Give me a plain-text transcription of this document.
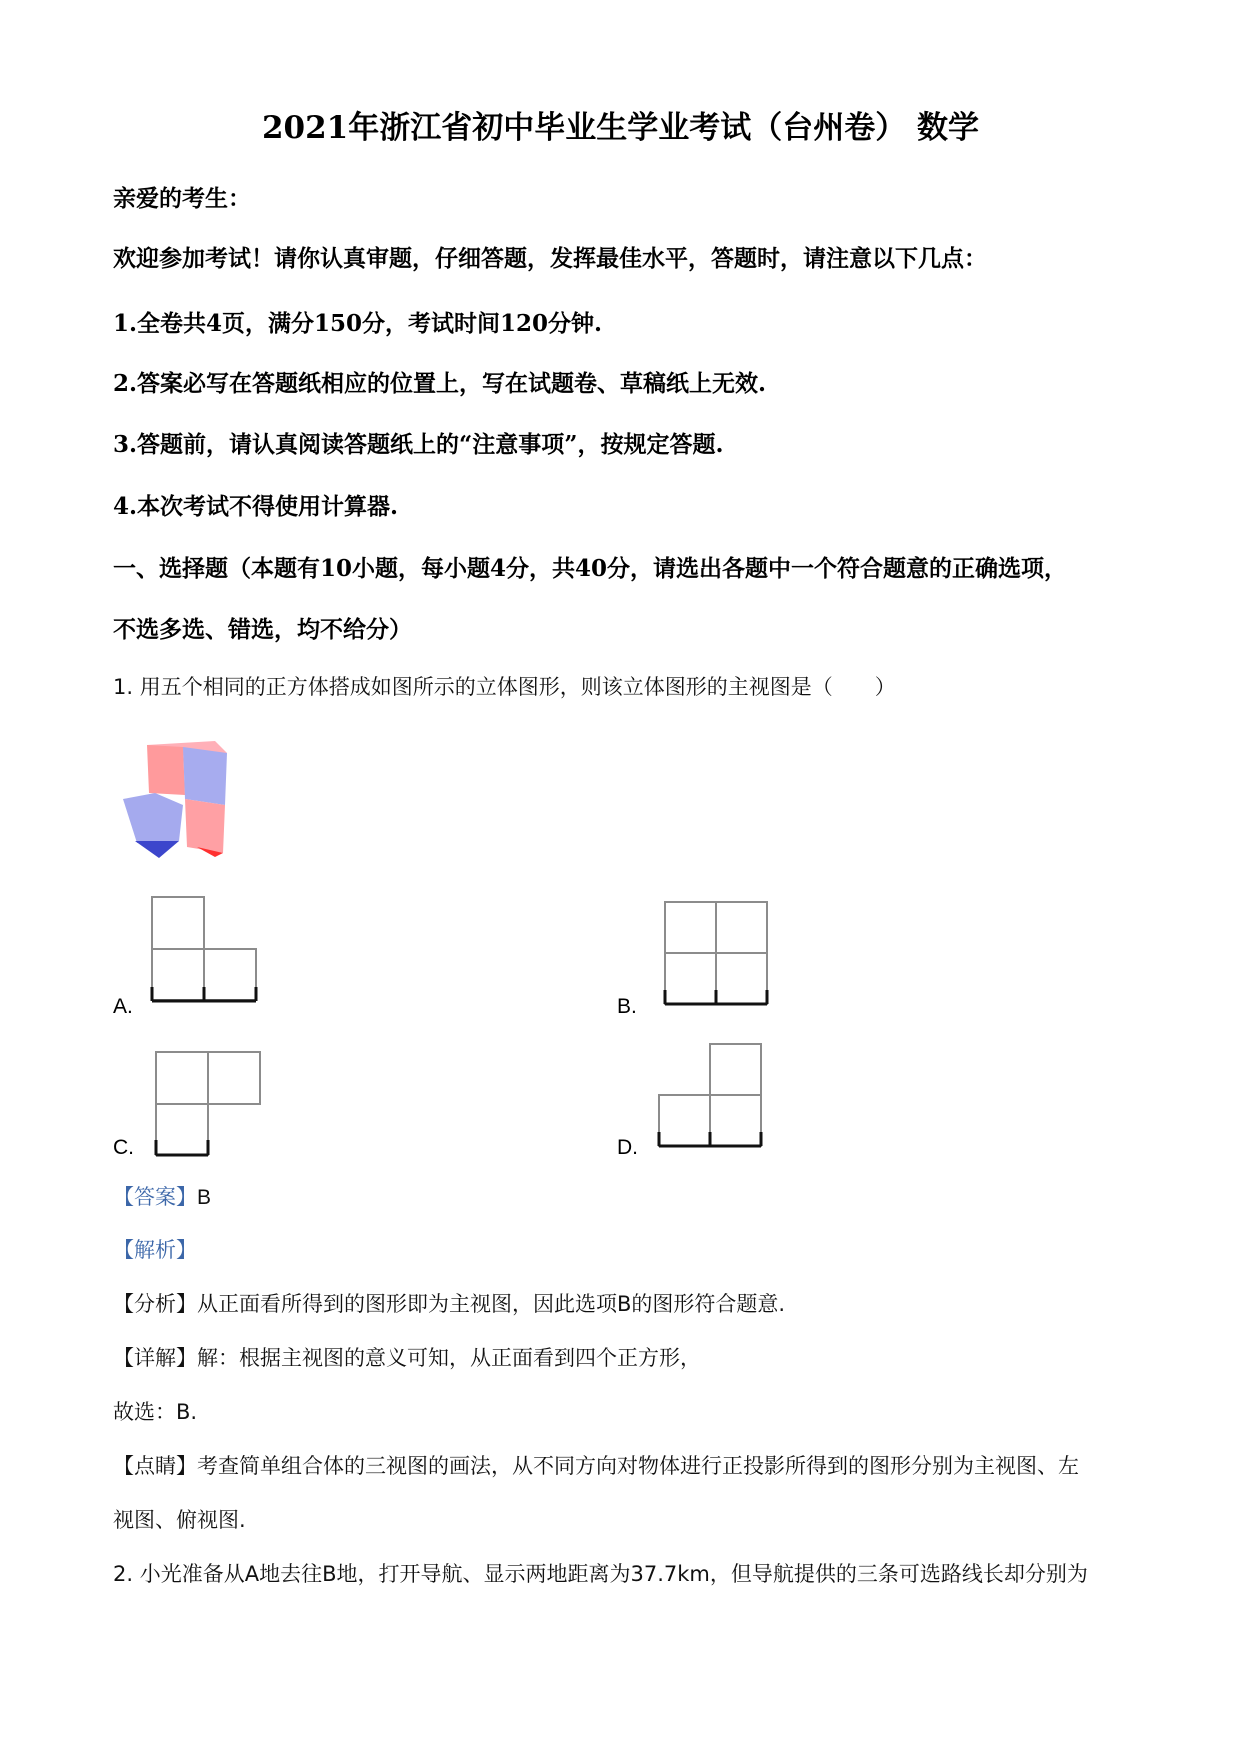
2021年浙江省初中毕业生学业考试（台州卷） 数学
亲爱的考生：
欢迎参加考试！请你认真审题，仔细答题，发挥最佳水平，答题时，请注意以下几点：
1.全卷共4页，满分150分，考试时间120分钟.
2.答案必写在答题纸相应的位置上，写在试题卷、草稿纸上无效.
3.答题前，请认真阅读答题纸上的“注意事项”，按规定答题.
4.本次考试不得使用计算器.
一、选择题（本题有10小题，每小题4分，共40分，请选出各题中一个符合题意的正确选项，
不选多选、错选，均不给分）
1. 用五个相同的正方体搭成如图所示的立体图形，则该立体图形的主视图是（　　）
A.	B.
C.	D.
【答案】B
【解析】
【分析】从正面看所得到的图形即为主视图，因此选项B的图形符合题意.
【详解】解：根据主视图的意义可知，从正面看到四个正方形，
故选：B.
【点睛】考查简单组合体的三视图的画法，从不同方向对物体进行正投影所得到的图形分别为主视图、左
视图、俯视图.
2. 小光准备从A地去往B地，打开导航、显示两地距离为37.7km，但导航提供的三条可选路线长却分别为
